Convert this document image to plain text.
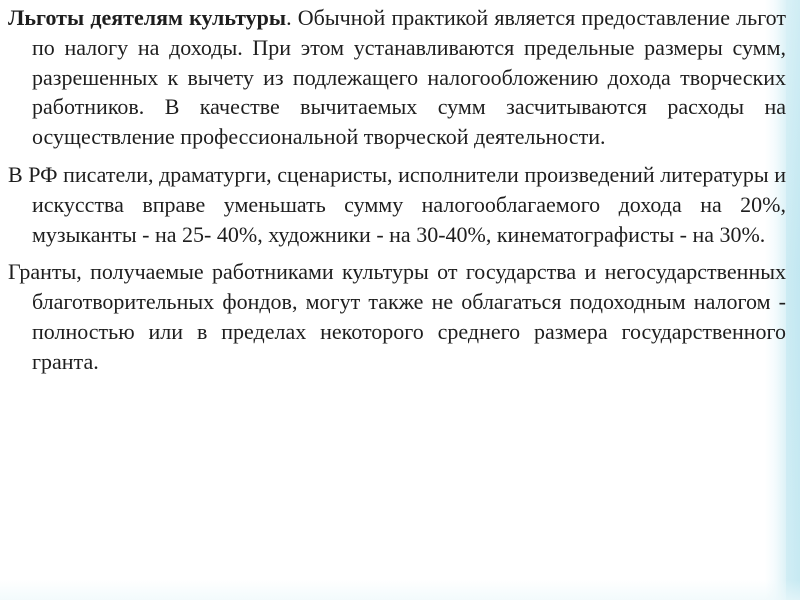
Льготы деятелям культуры. Обычной практикой является предоставление льгот по налогу на доходы. При этом устанавливаются предельные размеры сумм, разрешенных к вычету из подлежащего налогообложению дохода творческих работников. В качестве вычитаемых сумм засчитываются расходы на осуществление профессиональной творческой деятельности.

В РФ писатели, драматурги, сценаристы, исполнители произведений литературы и искусства вправе уменьшать сумму налогооблагаемого дохода на 20%, музыканты - на 25- 40%, художники - на 30-40%, кинематографисты - на 30%.

Гранты, получаемые работниками культуры от государства и негосударственных благотворительных фондов, могут также не облагаться подоходным налогом - полностью или в пределах некоторого среднего размера государственного гранта.
